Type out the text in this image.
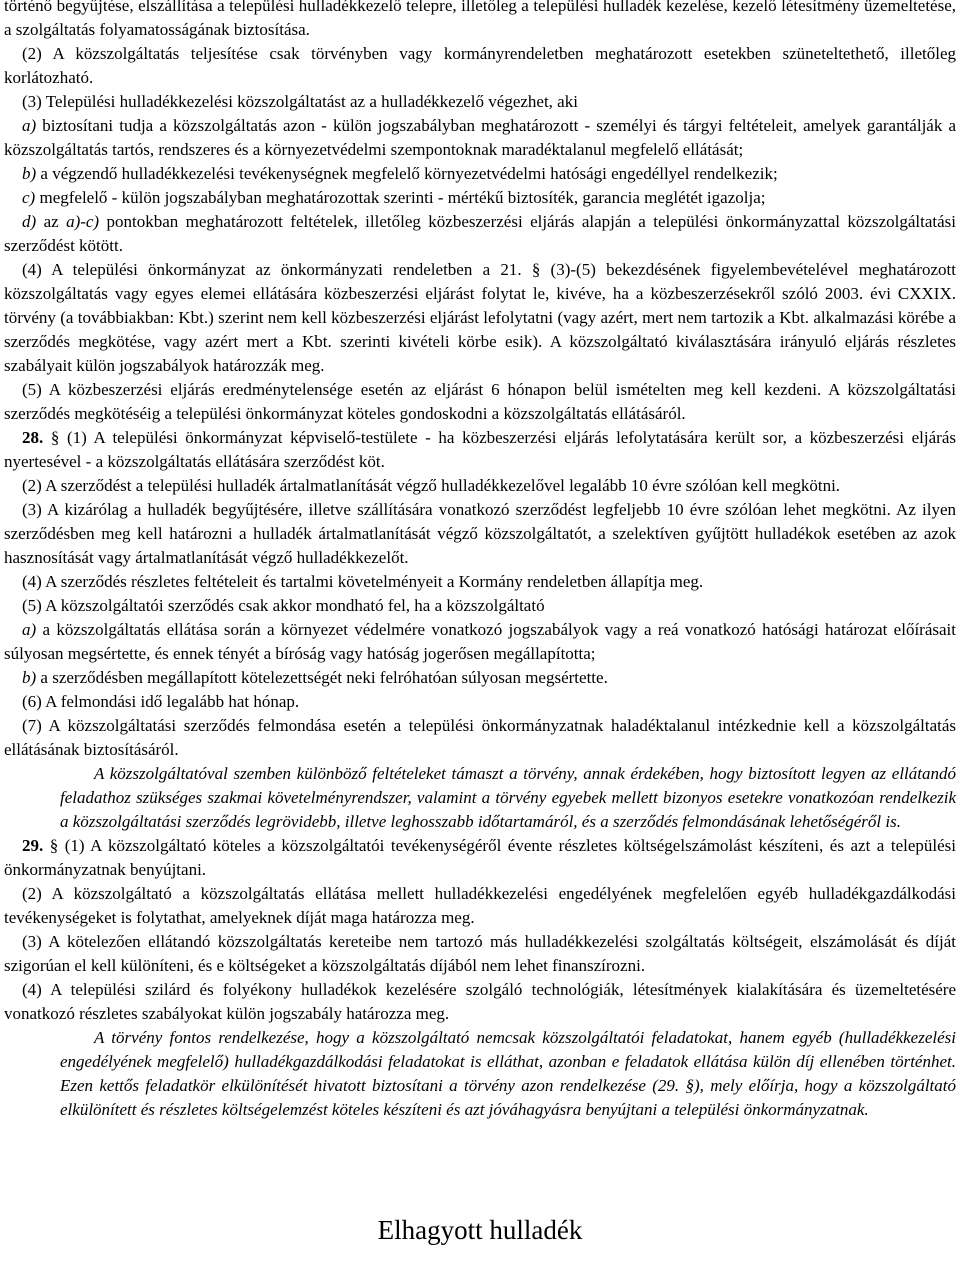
történő begyűjtése, elszállítása a települési hulladékkezelő telepre, illetőleg a települési hulladék kezelése, kezelő létesítmény üzemeltetése, a szolgáltatás folyamatosságának biztosítása.

(2) A közszolgáltatás teljesítése csak törvényben vagy kormányrendeletben meghatározott esetekben szüneteltethető, illetőleg korlátozható.

(3) Települési hulladékkezelési közszolgáltatást az a hulladékkezelő végezhet, aki

a) biztosítani tudja a közszolgáltatás azon - külön jogszabályban meghatározott - személyi és tárgyi feltételeit, amelyek garantálják a közszolgáltatás tartós, rendszeres és a környezetvédelmi szempontoknak maradéktalanul megfelelő ellátását;

b) a végzendő hulladékkezelési tevékenységnek megfelelő környezetvédelmi hatósági engedéllyel rendelkezik;

c) megfelelő - külön jogszabályban meghatározottak szerinti - mértékű biztosíték, garancia meglétét igazolja;

d) az a)-c) pontokban meghatározott feltételek, illetőleg közbeszerzési eljárás alapján a települési önkormányzattal közszolgáltatási szerződést kötött.

(4) A települési önkormányzat az önkormányzati rendeletben a 21. § (3)-(5) bekezdésének figyelembevételével meghatározott közszolgáltatás vagy egyes elemei ellátására közbeszerzési eljárást folytat le, kivéve, ha a közbeszerzésekről szóló 2003. évi CXXIX. törvény (a továbbiakban: Kbt.) szerint nem kell közbeszerzési eljárást lefolytatni (vagy azért, mert nem tartozik a Kbt. alkalmazási körébe a szerződés megkötése, vagy azért mert a Kbt. szerinti kivételi körbe esik). A közszolgáltató kiválasztására irányuló eljárás részletes szabályait külön jogszabályok határozzák meg.

(5) A közbeszerzési eljárás eredménytelensége esetén az eljárást 6 hónapon belül ismételten meg kell kezdeni. A közszolgáltatási szerződés megkötéséig a települési önkormányzat köteles gondoskodni a közszolgáltatás ellátásáról.

28. § (1) A települési önkormányzat képviselő-testülete - ha közbeszerzési eljárás lefolytatására került sor, a közbeszerzési eljárás nyertesével - a közszolgáltatás ellátására szerződést köt.

(2) A szerződést a települési hulladék ártalmatlanítását végző hulladékkezelővel legalább 10 évre szólóan kell megkötni.

(3) A kizárólag a hulladék begyűjtésére, illetve szállítására vonatkozó szerződést legfeljebb 10 évre szólóan lehet megkötni. Az ilyen szerződésben meg kell határozni a hulladék ártalmatlanítását végző közszolgáltatót, a szelektíven gyűjtött hulladékok esetében az azok hasznosítását vagy ártalmatlanítását végző hulladékkezelőt.

(4) A szerződés részletes feltételeit és tartalmi követelményeit a Kormány rendeletben állapítja meg.

(5) A közszolgáltatói szerződés csak akkor mondható fel, ha a közszolgáltató

a) a közszolgáltatás ellátása során a környezet védelmére vonatkozó jogszabályok vagy a reá vonatkozó hatósági határozat előírásait súlyosan megsértette, és ennek tényét a bíróság vagy hatóság jogerősen megállapította;

b) a szerződésben megállapított kötelezettségét neki felróhatóan súlyosan megsértette.

(6) A felmondási idő legalább hat hónap.

(7) A közszolgáltatási szerződés felmondása esetén a települési önkormányzatnak haladéktalanul intézkednie kell a közszolgáltatás ellátásának biztosításáról.

A közszolgáltatóval szemben különböző feltételeket támaszt a törvény, annak érdekében, hogy biztosított legyen az ellátandó feladathoz szükséges szakmai követelményrendszer, valamint a törvény egyebek mellett bizonyos esetekre vonatkozóan rendelkezik a közszolgáltatási szerződés legrövidebb, illetve leghosszabb időtartamáról, és a szerződés felmondásának lehetőségéről is.

29. § (1) A közszolgáltató köteles a közszolgáltatói tevékenységéről évente részletes költségelszámolást készíteni, és azt a települési önkormányzatnak benyújtani.

(2) A közszolgáltató a közszolgáltatás ellátása mellett hulladékkezelési engedélyének megfelelően egyéb hulladékgazdálkodási tevékenységeket is folytathat, amelyeknek díját maga határozza meg.

(3) A kötelezően ellátandó közszolgáltatás kereteibe nem tartozó más hulladékkezelési szolgáltatás költségeit, elszámolását és díját szigorúan el kell különíteni, és e költségeket a közszolgáltatás díjából nem lehet finanszírozni.

(4) A települési szilárd és folyékony hulladékok kezelésére szolgáló technológiák, létesítmények kialakítására és üzemeltetésére vonatkozó részletes szabályokat külön jogszabály határozza meg.

A törvény fontos rendelkezése, hogy a közszolgáltató nemcsak közszolgáltatói feladatokat, hanem egyéb (hulladékkezelési engedélyének megfelelő) hulladékgazdálkodási feladatokat is elláthat, azonban e feladatok ellátása külön díj ellenében történhet. Ezen kettős feladatkör elkülönítését hivatott biztosítani a törvény azon rendelkezése (29. §), mely előírja, hogy a közszolgáltató elkülönített és részletes költségelemzést köteles készíteni és azt jóváhagyásra benyújtani a települési önkormányzatnak.

Elhagyott hulladék
